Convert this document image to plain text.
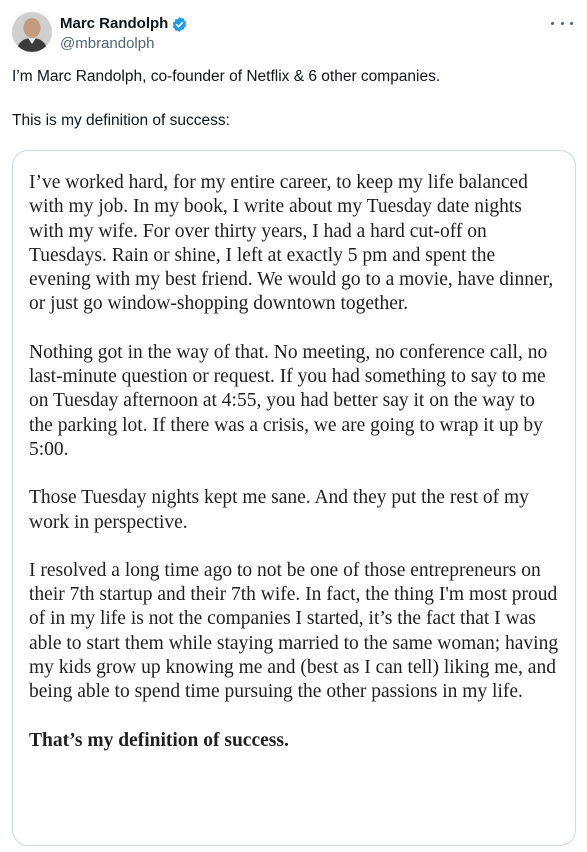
Marc Randolph
@mbrandolph

I’m Marc Randolph, co-founder of Netflix & 6 other companies.

This is my definition of success:

I’ve worked hard, for my entire career, to keep my life balanced with my job. In my book, I write about my Tuesday date nights with my wife. For over thirty years, I had a hard cut-off on Tuesdays. Rain or shine, I left at exactly 5 pm and spent the evening with my best friend. We would go to a movie, have dinner, or just go window-shopping downtown together.

Nothing got in the way of that. No meeting, no conference call, no last-minute question or request. If you had something to say to me on Tuesday afternoon at 4:55, you had better say it on the way to the parking lot. If there was a crisis, we are going to wrap it up by 5:00.

Those Tuesday nights kept me sane. And they put the rest of my work in perspective.

I resolved a long time ago to not be one of those entrepreneurs on their 7th startup and their 7th wife. In fact, the thing I'm most proud of in my life is not the companies I started, it’s the fact that I was able to start them while staying married to the same woman; having my kids grow up knowing me and (best as I can tell) liking me, and being able to spend time pursuing the other passions in my life.

That’s my definition of success.
